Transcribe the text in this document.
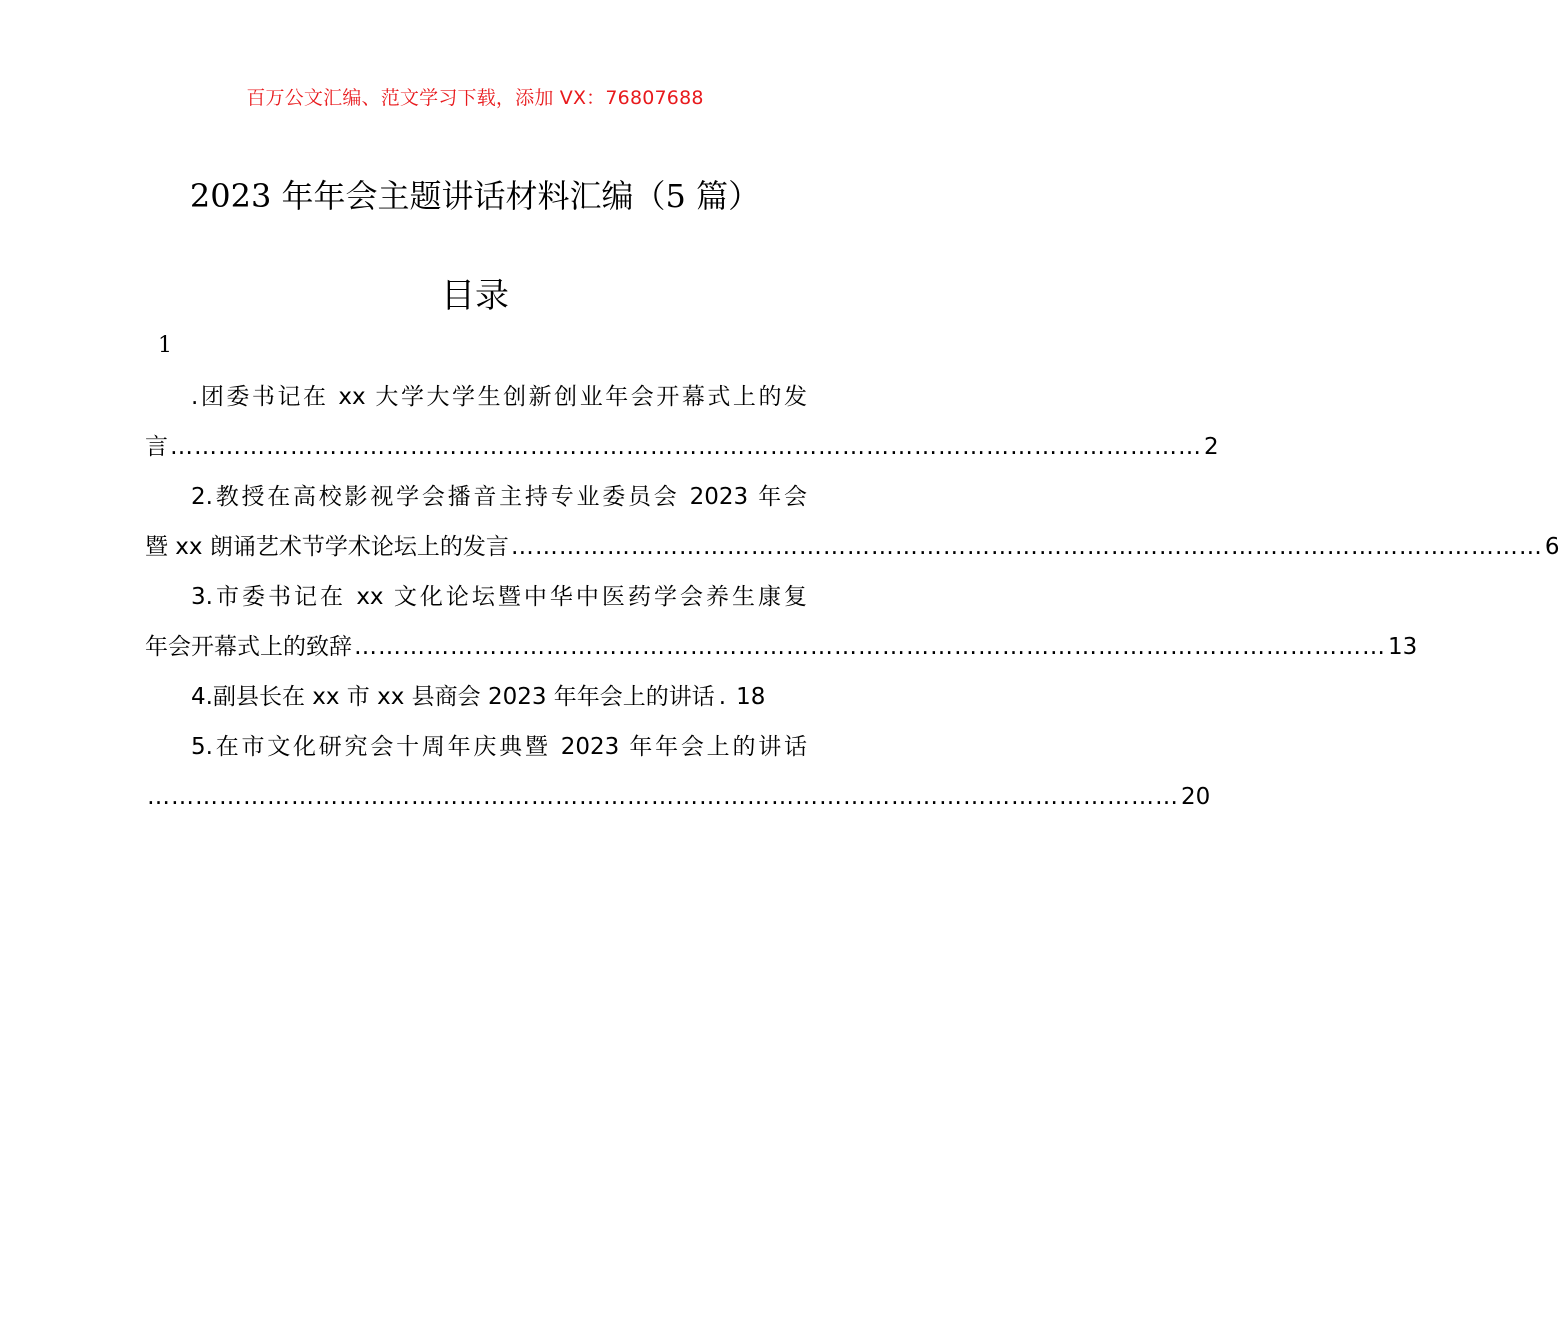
百万公文汇编、范文学习下载，添加 VX：76807688
2023 年年会主题讲话材料汇编（5 篇）
目录
1
.团委书记在 xx 大学大学生创新创业年会开幕式上的发
言 ………………………………………………………………………………………………………………… 2
2.教授在高校影视学会播音主持专业委员会 2023 年会
暨 xx 朗诵艺术节学术论坛上的发言 ………………………………………………………………………………………………………………… 6
3.市委书记在 xx 文化论坛暨中华中医药学会养生康复
年会开幕式上的致辞 ………………………………………………………………………………………………………………… 13
4.副县长在 xx 市 xx 县商会 2023 年年会上的讲话 . 18
5.在市文化研究会十周年庆典暨 2023 年年会上的讲话
………………………………………………………………………………………………………………… 20
